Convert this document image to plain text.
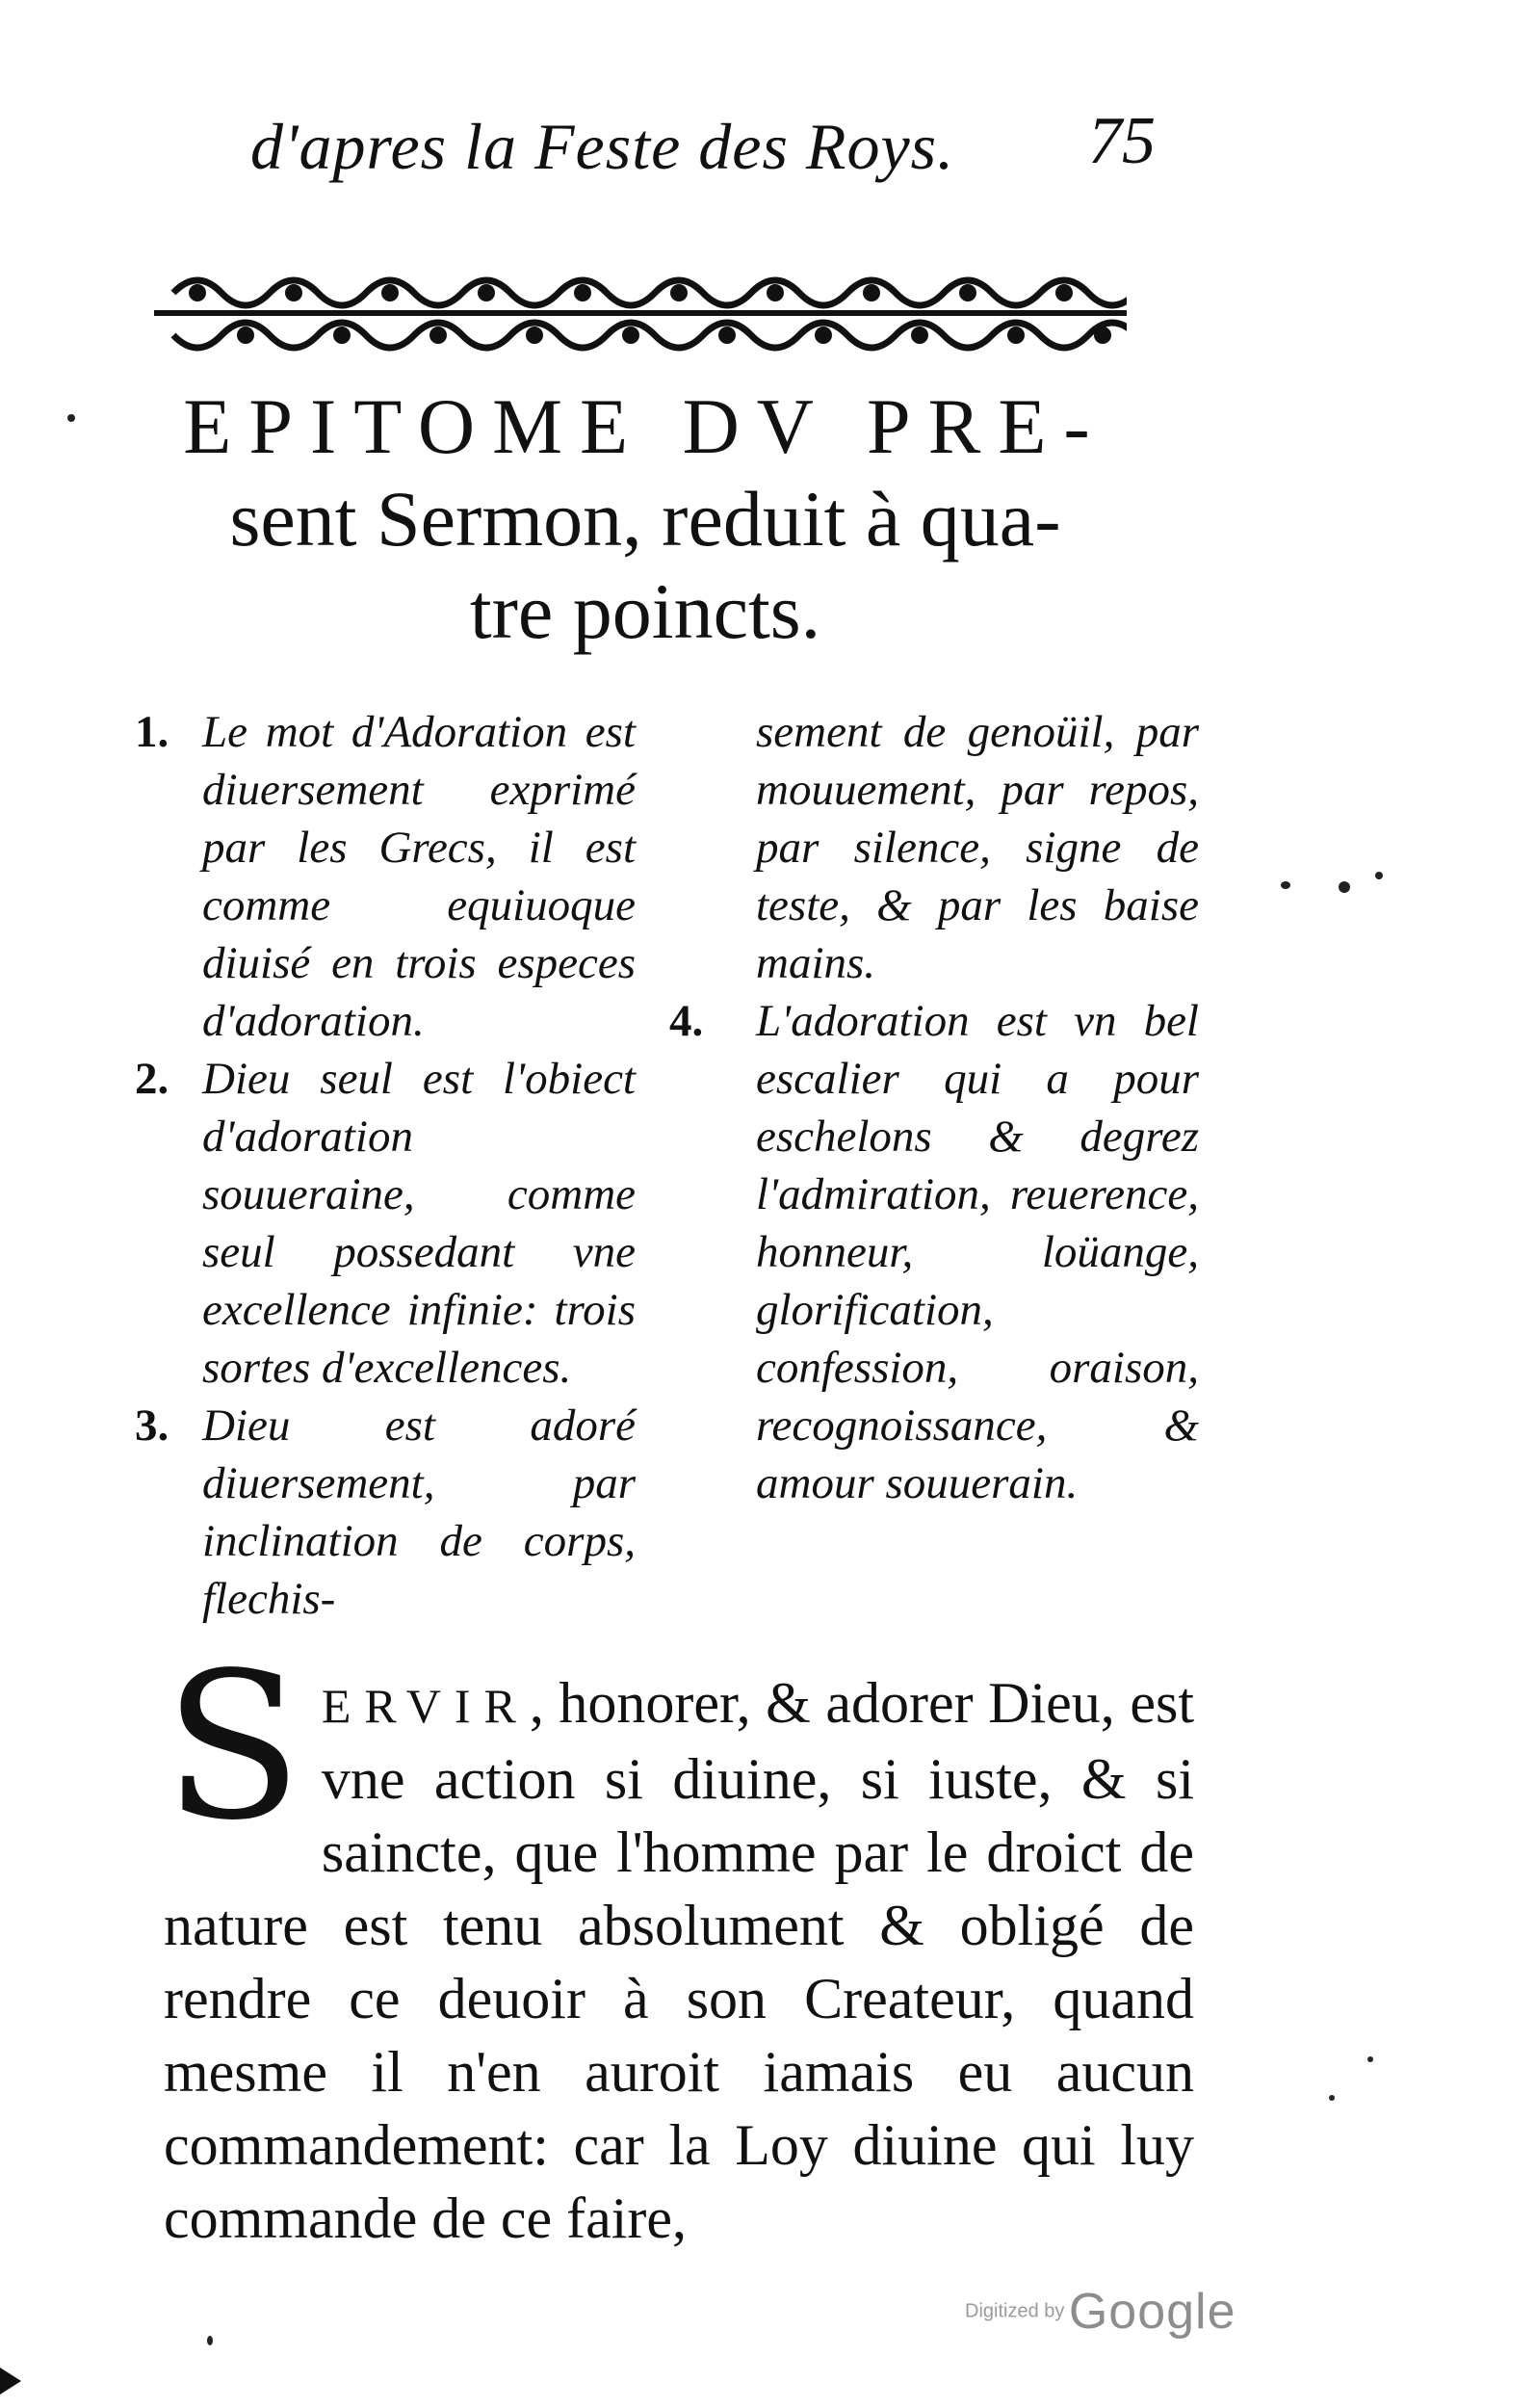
d'apres la Feste des Roys.	75
EPITOME DV PRE-
sent Sermon, reduit à qua-
tre poincts.
1. Le mot d'Adoration est diuersement exprimé par les Grecs, il est comme equiuoque diuisé en trois especes d'adoration.
2. Dieu seul est l'obiect d'adoration souueraine, comme seul possedant vne excellence infinie: trois sortes d'excellences.
3. Dieu est adoré diuersement, par inclination de corps, flechis-
sement de genoüil, par mouuement, par repos, par silence, signe de teste, & par les baise mains.
4. L'adoration est vn bel escalier qui a pour eschelons & degrez l'admiration, reuerence, honneur, loüange, glorification, confession, oraison, recognoissance, & amour souuerain.
S ERVIR, honorer, & adorer Dieu, est vne action si diuine, si iuste, & si saincte, que l'homme par le droict de nature est tenu absolument & obligé de rendre ce deuoir à son Createur, quand mesme il n'en auroit iamais eu aucun commandement: car la Loy diuine qui luy commande de ce faire,
Digitized by Google
